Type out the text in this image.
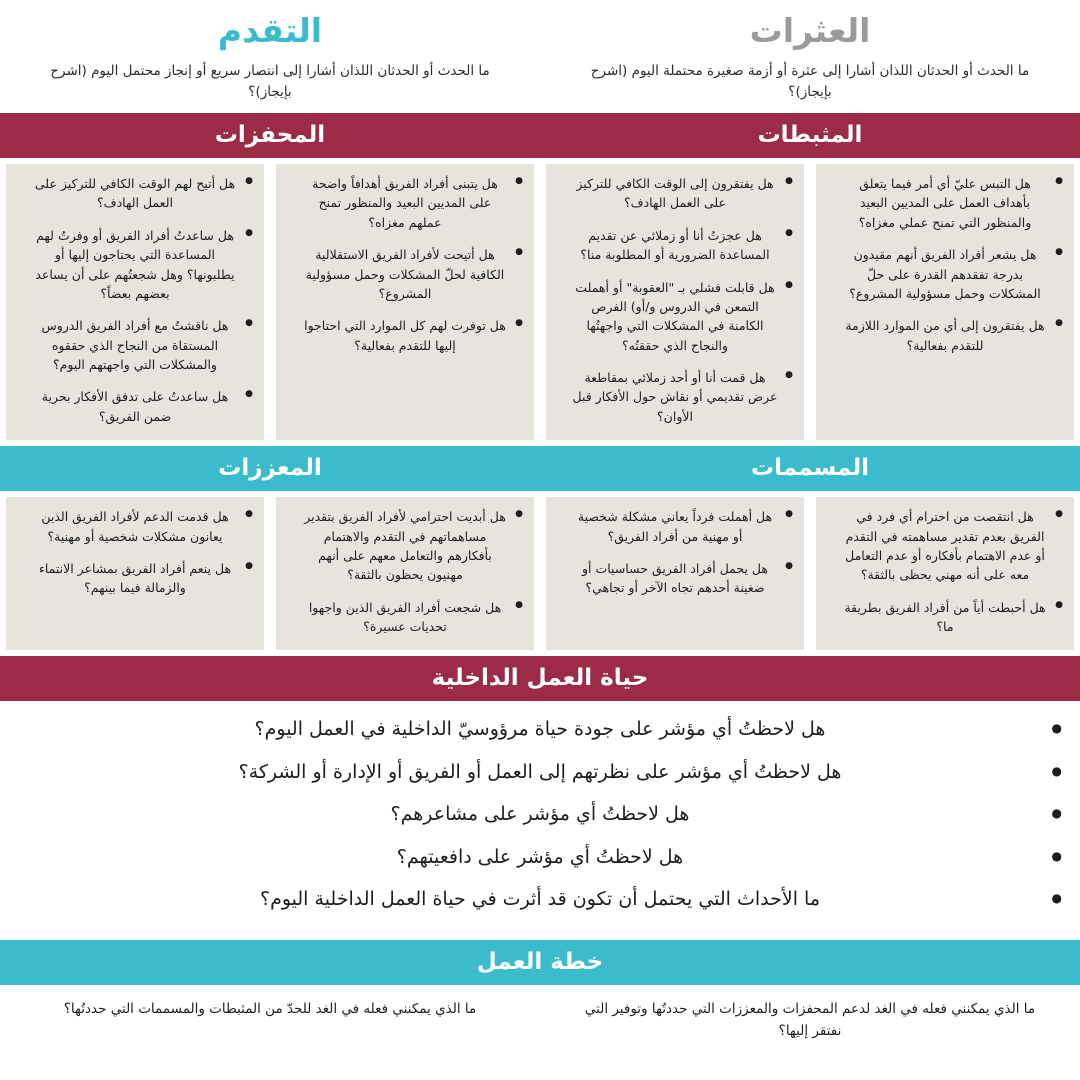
العثرات
ما الحدث أو الحدثان اللذان أشارا إلى عثرة أو أزمة صغيرة محتملة اليوم (اشرح بإيجاز)؟
التقدم
ما الحدث أو الحدثان اللذان أشارا إلى انتصار سريع أو إنجاز محتمل اليوم (اشرح بإيجاز)؟
المثبطات
المحفزات
● هل التبس عليّ أي أمر فيما يتعلق بأهداف العمل على المديين البعيد والمنظور التي تمنح عملي مغزاه؟
● هل يشعر أفراد الفريق أنهم مقيدون بدرجة تفقدهم القدرة على حلّ المشكلات وحمل مسؤولية المشروع؟
● هل يفتقرون إلى أي من الموارد اللازمة للتقدم بفعالية؟
● هل يفتقرون إلى الوقت الكافي للتركيز على العمل الهادف؟
● هل عجزتُ أنا أو زملائي عن تقديم المساعدة الضرورية أو المطلوبة منا؟
● هل قابلت فشلي بـ "العقوبة" أو أهملت التمعن في الدروس و/أو) الفرص الكامنة في المشكلات التي واجهتُها والنجاح الذي حققتُه؟
● هل قمت أنا أو أحد زملائي بمقاطعة عرض تقديمي أو نقاش حول الأفكار قبل الأوان؟
● هل يتبنى أفراد الفريق أهدافاً واضحة على المديين البعيد والمنظور تمنح عملهم مغزاه؟
● هل أتيحت لأفراد الفريق الاستقلالية الكافية لحلّ المشكلات وحمل مسؤولية المشروع؟
● هل توفرت لهم كل الموارد التي احتاجوا إليها للتقدم بفعالية؟
● هل أتيح لهم الوقت الكافي للتركيز على العمل الهادف؟
● هل ساعدتُ أفراد الفريق أو وفرتُ لهم المساعدة التي يحتاجون إليها أو يطلبونها؟ وهل شجعتُهم على أن يساعد بعضهم بعضاً؟
● هل ناقشتُ مع أفراد الفريق الدروس المستقاة من النجاح الذي حققوه والمشكلات التي واجهتهم اليوم؟
● هل ساعدتُ على تدفق الأفكار بحرية ضمن الفريق؟
المسممات
المعززات
● هل انتقصت من احترام أي فرد في الفريق بعدم تقدير مساهمته في التقدم أو عدم الاهتمام بأفكاره أو عدم التعامل معه على أنه مهني يحظى بالثقة؟
● هل أحبطت أياً من أفراد الفريق بطريقة ما؟
● هل أهملت فرداً يعاني مشكلة شخصية أو مهنية من أفراد الفريق؟
● هل يحمل أفراد الفريق حساسيات أو ضغينة أحدهم تجاه الآخر أو تجاهي؟
● هل أبديت احترامي لأفراد الفريق بتقدير مساهماتهم في التقدم والاهتمام بأفكارهم والتعامل معهم على أنهم مهنيون يحظون بالثقة؟
● هل شجعت أفراد الفريق الذين واجهوا تحديات عسيرة؟
● هل قدمت الدعم لأفراد الفريق الذين يعانون مشكلات شخصية أو مهنية؟
● هل ينعم أفراد الفريق بمشاعر الانتماء والزمالة فيما بينهم؟
حياة العمل الداخلية
● هل لاحظتُ أي مؤشر على جودة حياة مرؤوسيّ الداخلية في العمل اليوم؟
● هل لاحظتُ أي مؤشر على نظرتهم إلى العمل أو الفريق أو الإدارة أو الشركة؟
● هل لاحظتُ أي مؤشر على مشاعرهم؟
● هل لاحظتُ أي مؤشر على دافعيتهم؟
● ما الأحداث التي يحتمل أن تكون قد أثرت في حياة العمل الداخلية اليوم؟
خطة العمل
ما الذي يمكنني فعله في الغد لدعم المحفزات والمعززات التي حددتُها وتوفير التي نفتقر إليها؟
ما الذي يمكنني فعله في الغد للحدّ من المثبطات والمسممات التي حددتُها؟
